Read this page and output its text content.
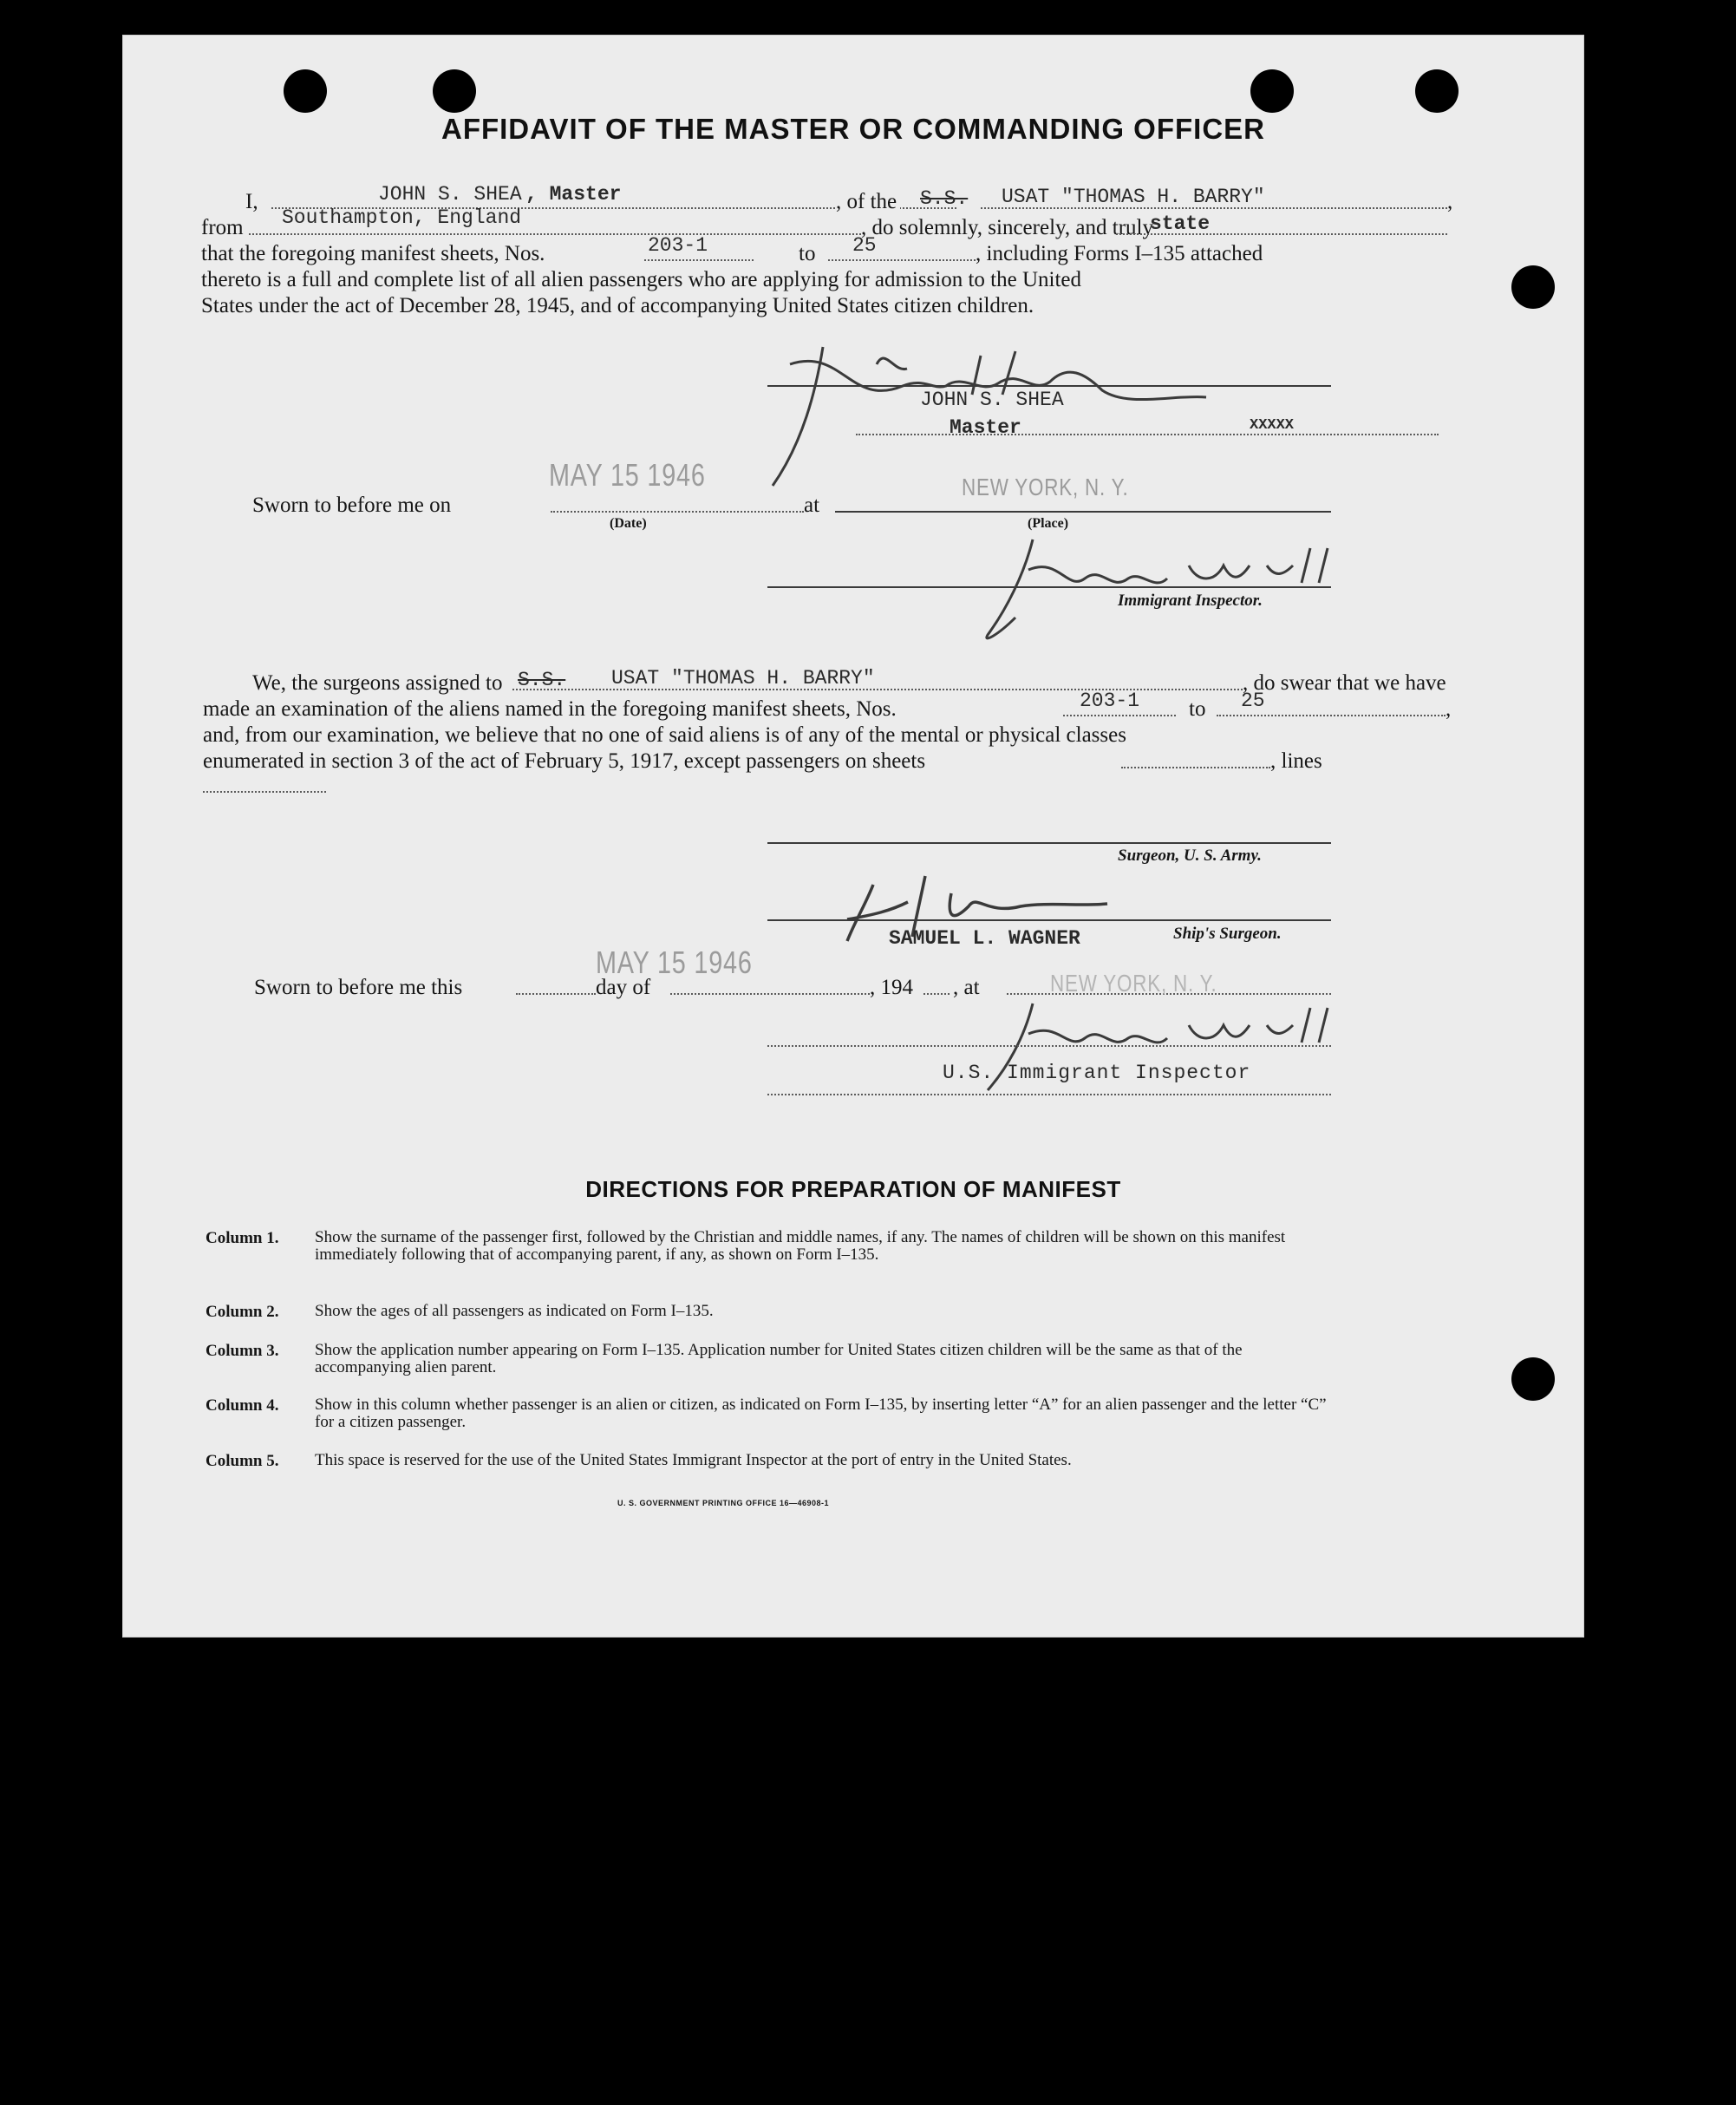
AFFIDAVIT OF THE MASTER OR COMMANDING OFFICER
I,	JOHN S. SHEA , Master	, of the S.S. USAT "THOMAS H. BARRY"	,
from Southampton, England	, do solemnly, sincerely, and truly
state
that the foregoing manifest sheets, Nos.	203-1	to 25	, including Forms I–135 attached
thereto is a full and complete list of all alien passengers who are applying for admission to the United
States under the act of December 28, 1945, and of accompanying United States citizen children.
JOHN S. SHEA
Master	XXXXX
Sworn to before me on
MAY 15 1946
(Date)
at
NEW YORK, N. Y.
(Place)
Immigrant Inspector.
We, the surgeons assigned to S.S. USAT "THOMAS H. BARRY"	, do swear that we have
made an examination of the aliens named in the foregoing manifest sheets, Nos.	203-1 to 25	,
and, from our examination, we believe that no one of said aliens is of any of the mental or physical classes
enumerated in section 3 of the act of February 5, 1917, except passengers on sheets	, lines
Surgeon, U. S. Army.
SAMUEL L. WAGNER	Ship's Surgeon.
Sworn to before me this
MAY 15 1946
day of	, 194 , at	NEW YORK, N. Y.
U.S. Immigrant Inspector
DIRECTIONS FOR PREPARATION OF MANIFEST
Column 1. Show the surname of the passenger first, followed by the Christian and middle names, if any. The names of children will be shown on this manifest immediately following that of accompanying parent, if any, as shown on Form I–135.
Column 2. Show the ages of all passengers as indicated on Form I–135.
Column 3. Show the application number appearing on Form I–135. Application number for United States citizen children will be the same as that of the accompanying alien parent.
Column 4. Show in this column whether passenger is an alien or citizen, as indicated on Form I–135, by inserting letter “A” for an alien passenger and the letter “C” for a citizen passenger.
Column 5. This space is reserved for the use of the United States Immigrant Inspector at the port of entry in the United States.
U. S. GOVERNMENT PRINTING OFFICE 16—46908-1
